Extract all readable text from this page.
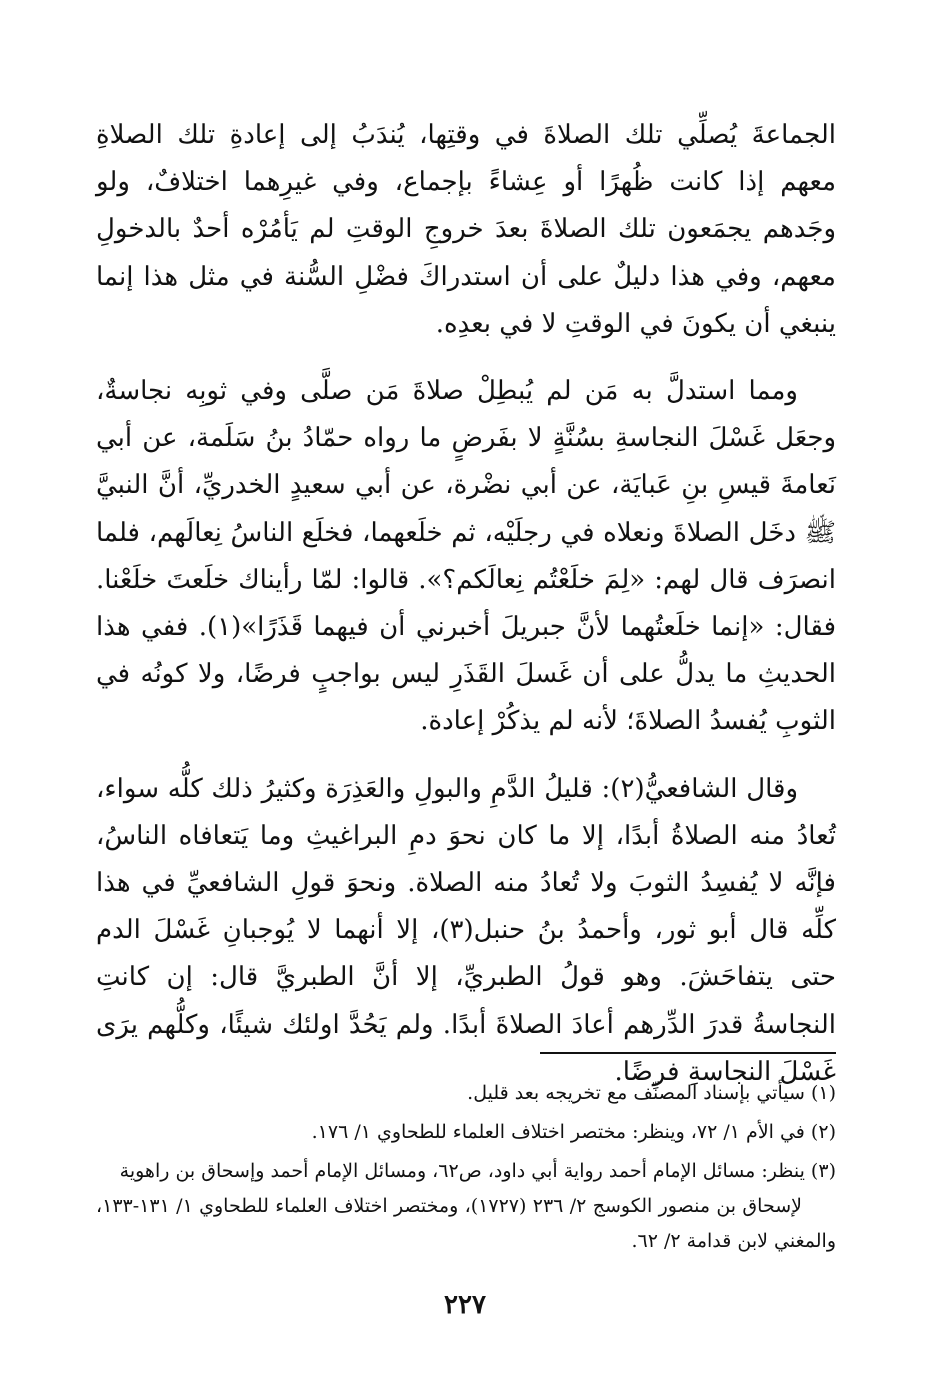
الجماعةَ يُصلِّي تلك الصلاةَ في وقتِها، يُندَبُ إلى إعادةِ تلك الصلاةِ معهم إذا كانت ظُهرًا أو عِشاءً بإجماع، وفي غيرِهما اختلافٌ، ولو وجَدهم يجمَعون تلك الصلاةَ بعدَ خروجِ الوقتِ لم يَأمُرْه أحدٌ بالدخولِ معهم، وفي هذا دليلٌ على أن استدراكَ فضْلِ السُّنة في مثل هذا إنما ينبغي أن يكونَ في الوقتِ لا في بعدِه.

ومما استدلَّ به مَن لم يُبطِلْ صلاةَ مَن صلَّى وفي ثوبِه نجاسةٌ، وجعَل غَسْلَ النجاسةِ بسُنَّةٍ لا بفَرضٍ ما رواه حمّادُ بنُ سَلَمة، عن أبي نَعامةَ قيسِ بنِ عَبايَة، عن أبي نضْرة، عن أبي سعيدٍ الخدريِّ، أنَّ النبيَّ ﷺ دخَل الصلاةَ ونعلاه في رجلَيْه، ثم خلَعهما، فخلَع الناسُ نِعالَهم، فلما انصرَف قال لهم: «لِمَ خلَعْتُم نِعالَكم؟». قالوا: لمّا رأيناك خلَعتَ خلَعْنا. فقال: «إنما خلَعتُهما لأنَّ جبريلَ أخبرني أن فيهما قَذَرًا»(١). ففي هذا الحديثِ ما يدلُّ على أن غَسلَ القَذَرِ ليس بواجبٍ فرضًا، ولا كونُه في الثوبِ يُفسدُ الصلاةَ؛ لأنه لم يذكُرْ إعادة.

وقال الشافعيُّ(٢): قليلُ الدَّمِ والبولِ والعَذِرَة وكثيرُ ذلك كلُّه سواء، تُعادُ منه الصلاةُ أبدًا، إلا ما كان نحوَ دمِ البراغيثِ وما يَتعافاه الناسُ، فإنَّه لا يُفسِدُ الثوبَ ولا تُعادُ منه الصلاة. ونحوَ قولِ الشافعيِّ في هذا كلِّه قال أبو ثور، وأحمدُ بنُ حنبل(٣)، إلا أنهما لا يُوجبانِ غَسْلَ الدم حتى يتفاحَشَ. وهو قولُ الطبريِّ، إلا أنَّ الطبريَّ قال: إن كانتِ النجاسةُ قدرَ الدِّرهم أعادَ الصلاةَ أبدًا. ولم يَحُدَّ اولئك شيئًا، وكلُّهم يرَى غَسْلَ النجاسةِ فرضًا.

(١) سيأتي بإسناد المصنِّف مع تخريجه بعد قليل.

(٢) في الأم ١/ ٧٢، وينظر: مختصر اختلاف العلماء للطحاوي ١/ ١٧٦.

(٣) ينظر: مسائل الإمام أحمد رواية أبي داود، ص٦٢، ومسائل الإمام أحمد وإسحاق بن راهوية
لإسحاق بن منصور الكوسج ٢/ ٢٣٦ (١٧٢٧)، ومختصر اختلاف العلماء للطحاوي ١/ ١٣١-١٣٣، والمغني لابن قدامة ٢/ ٦٢.

٢٢٧
